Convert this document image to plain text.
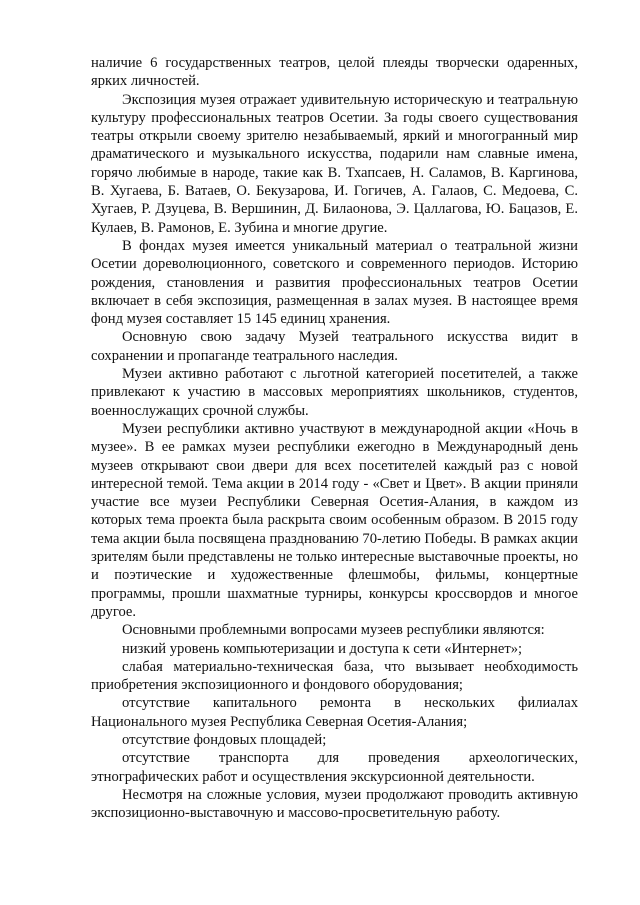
наличие 6 государственных театров, целой плеяды творчески одаренных, ярких личностей.

Экспозиция музея отражает удивительную историческую и театральную культуру профессиональных театров Осетии. За годы своего существования театры открыли своему зрителю незабываемый, яркий и многогранный мир драматического и музыкального искусства, подарили нам славные имена, горячо любимые в народе, такие как В. Тхапсаев, Н. Саламов, В. Каргинова, В. Хугаева, Б. Ватаев, О. Бекузарова, И. Гогичев, А. Галаов, С. Медоева, С. Хугаев, Р. Дзуцева, В. Вершинин, Д. Билаонова, Э. Цаллагова, Ю. Бацазов, Е. Кулаев, В. Рамонов, Е. Зубина и многие другие.

В фондах музея имеется уникальный материал о театральной жизни Осетии дореволюционного, советского и современного периодов. Историю рождения, становления и развития профессиональных театров Осетии включает в себя экспозиция, размещенная в залах музея. В настоящее время фонд музея составляет 15 145 единиц хранения.

Основную свою задачу Музей театрального искусства видит в сохранении и пропаганде театрального наследия.

Музеи активно работают с льготной категорией посетителей, а также привлекают к участию в массовых мероприятиях школьников, студентов, военнослужащих срочной службы.

Музеи республики активно участвуют в международной акции «Ночь в музее». В ее рамках музеи республики ежегодно в Международный день музеев открывают свои двери для всех посетителей каждый раз с новой интересной темой. Тема акции в 2014 году - «Свет и Цвет». В акции приняли участие все музеи Республики Северная Осетия-Алания, в каждом из которых тема проекта была раскрыта своим особенным образом. В 2015 году тема акции была посвящена празднованию 70-летию Победы. В рамках акции зрителям были представлены не только интересные выставочные проекты, но и поэтические и художественные флешмобы, фильмы, концертные программы, прошли шахматные турниры, конкурсы кроссвордов и многое другое.

Основными проблемными вопросами музеев республики являются:

низкий уровень компьютеризации и доступа к сети «Интернет»;

слабая материально-техническая база, что вызывает необходимость приобретения экспозиционного и фондового оборудования;

отсутствие капитального ремонта в нескольких филиалах Национального музея Республика Северная Осетия-Алания;

отсутствие фондовых площадей;

отсутствие транспорта для проведения археологических, этнографических работ и осуществления экскурсионной деятельности.

Несмотря на сложные условия, музеи продолжают проводить активную экспозиционно-выставочную и массово-просветительную работу.
